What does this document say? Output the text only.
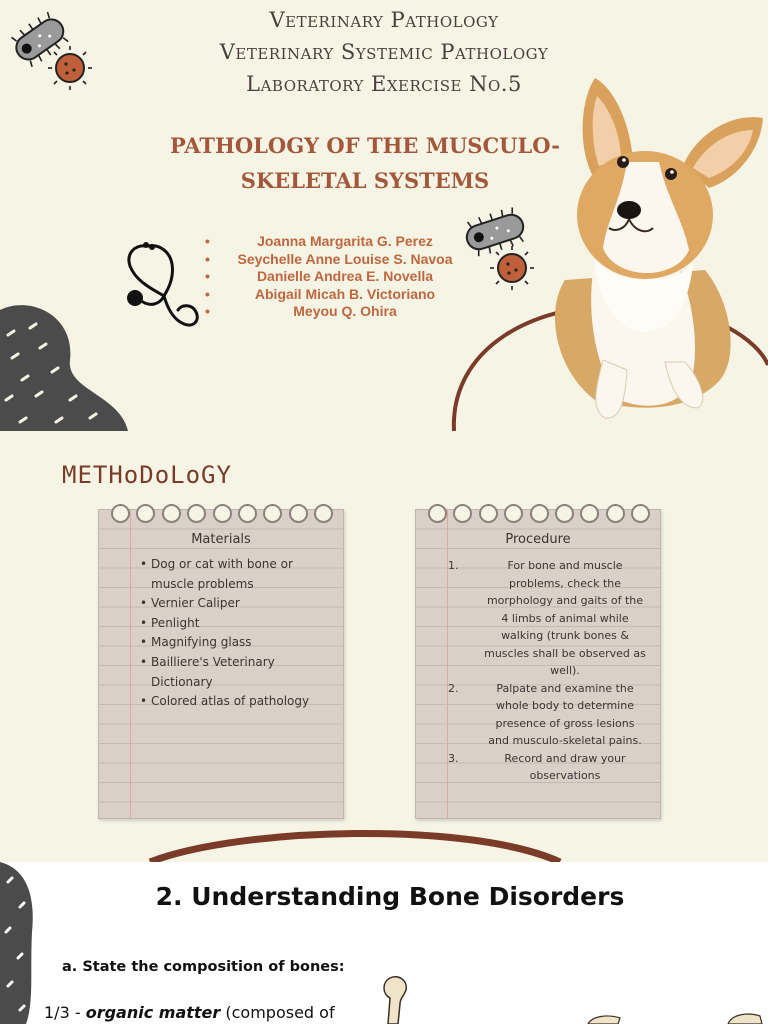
Veterinary Pathology
Veterinary Systemic Pathology
Laboratory Exercise No.5
PATHOLOGY OF THE MUSCULO-
SKELETAL SYSTEMS
• Joanna Margarita G. Perez
• Seychelle Anne Louise S. Navoa
• Danielle Andrea E. Novella
• Abigail Micah B. Victoriano
• Meyou Q. Ohira
METHoDoLoGY
Materials
• Dog or cat with bone or muscle problems
• Vernier Caliper
• Penlight
• Magnifying glass
• Bailliere's Veterinary Dictionary
• Colored atlas of pathology
Procedure
1.	For bone and muscle problems, check the morphology and gaits of the 4 limbs of animal while walking (trunk bones & muscles shall be observed as well).
2.	Palpate and examine the whole body to determine presence of gross lesions and musculo-skeletal pains.
3.	Record and draw your observations
2. Understanding Bone Disorders
a. State the composition of bones:
1/3 - organic matter (composed of
